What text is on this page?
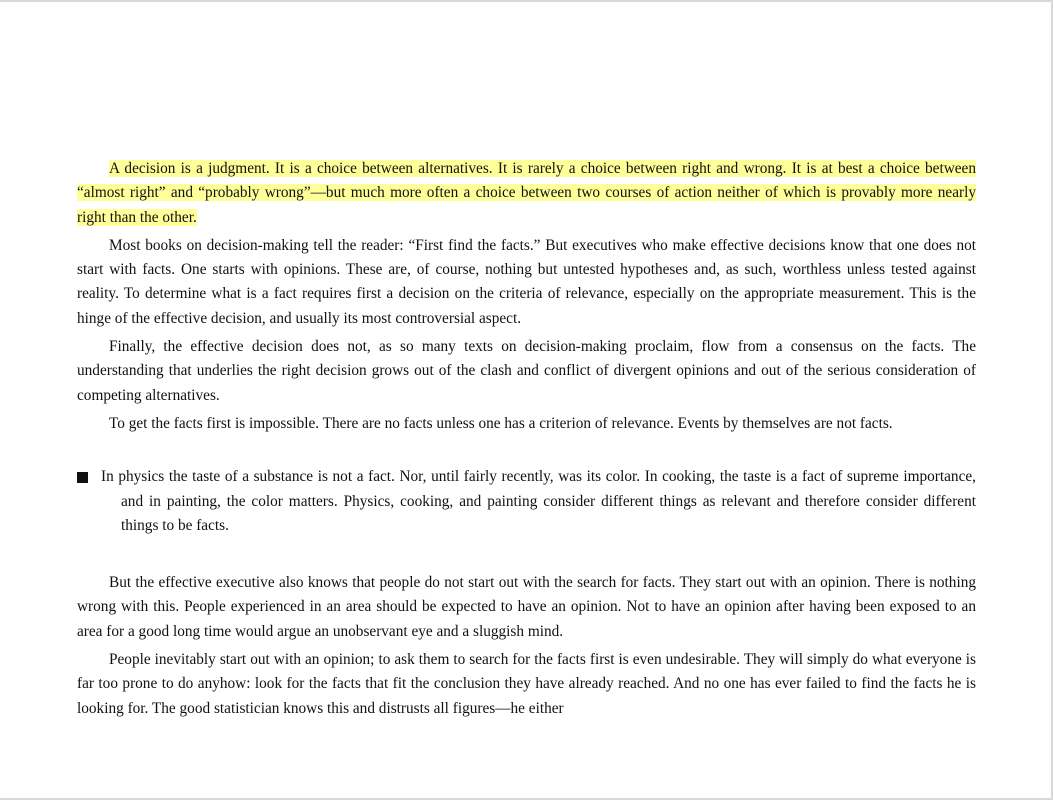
A decision is a judgment. It is a choice between alternatives. It is rarely a choice between right and wrong. It is at best a choice between “almost right” and “probably wrong”—but much more often a choice between two courses of action neither of which is provably more nearly right than the other.

Most books on decision-making tell the reader: “First find the facts.” But executives who make effective decisions know that one does not start with facts. One starts with opinions. These are, of course, nothing but untested hypotheses and, as such, worthless unless tested against reality. To determine what is a fact requires first a decision on the criteria of relevance, especially on the appropriate measurement. This is the hinge of the effective decision, and usually its most controversial aspect.

Finally, the effective decision does not, as so many texts on decision-making proclaim, flow from a consensus on the facts. The understanding that underlies the right decision grows out of the clash and conflict of divergent opinions and out of the serious consideration of competing alternatives.

To get the facts first is impossible. There are no facts unless one has a criterion of relevance. Events by themselves are not facts.

In physics the taste of a substance is not a fact. Nor, until fairly recently, was its color. In cooking, the taste is a fact of supreme importance, and in painting, the color matters. Physics, cooking, and painting consider different things as relevant and therefore consider different things to be facts.

But the effective executive also knows that people do not start out with the search for facts. They start out with an opinion. There is nothing wrong with this. People experienced in an area should be expected to have an opinion. Not to have an opinion after having been exposed to an area for a good long time would argue an unobservant eye and a sluggish mind.

People inevitably start out with an opinion; to ask them to search for the facts first is even undesirable. They will simply do what everyone is far too prone to do anyhow: look for the facts that fit the conclusion they have already reached. And no one has ever failed to find the facts he is looking for. The good statistician knows this and distrusts all figures—he either
